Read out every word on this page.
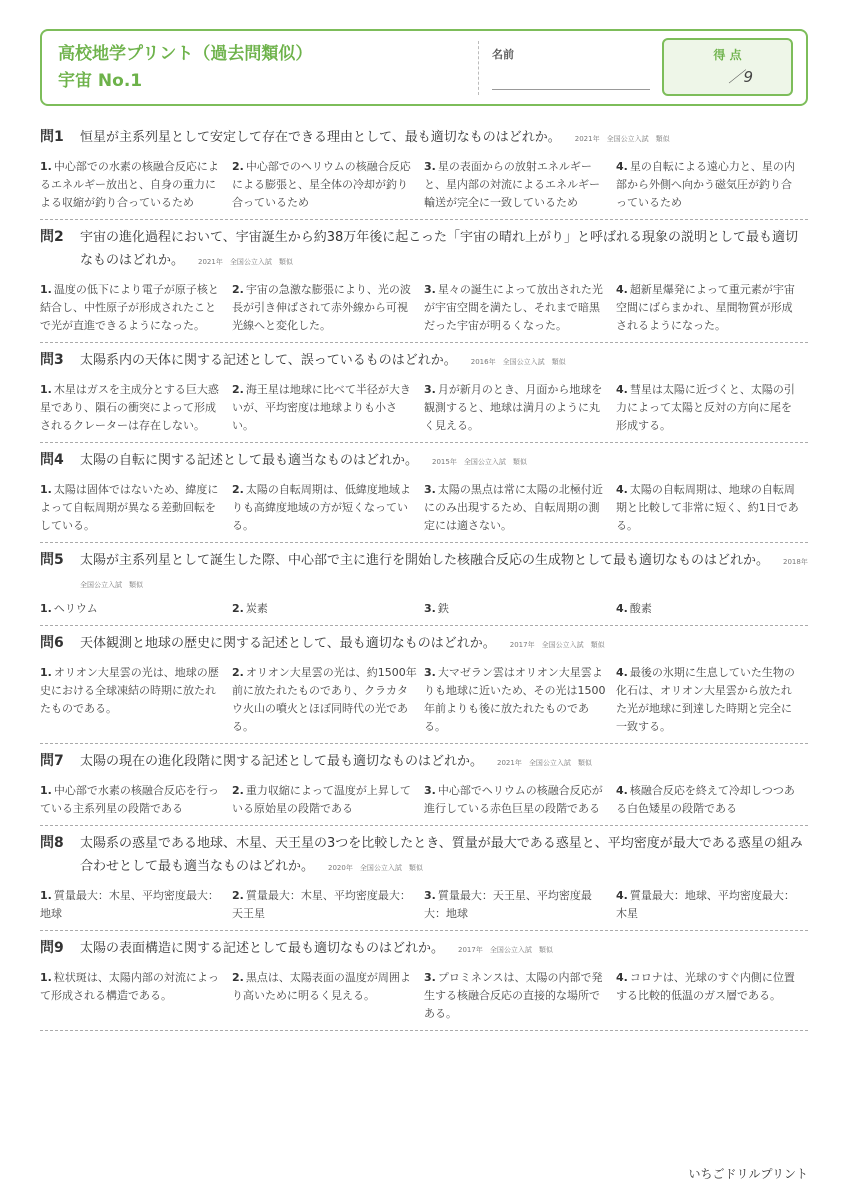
高校地学プリント（過去問類似）
宇宙 No.1
名前	得 点
／9
問1 恒星が主系列星として安定して存在できる理由として、最も適切なものはどれか。 2021年　全国公立入試　類似
1. 中心部での水素の核融合反応によるエネルギー放出と、自身の重力による収縮が釣り合っているため
2. 中心部でのヘリウムの核融合反応による膨張と、星全体の冷却が釣り合っているため
3. 星の表面からの放射エネルギーと、星内部の対流によるエネルギー輸送が完全に一致しているため
4. 星の自転による遠心力と、星の内部から外側へ向かう磁気圧が釣り合っているため
問2 宇宙の進化過程において、宇宙誕生から約38万年後に起こった「宇宙の晴れ上がり」と呼ばれる現象の説明として最も適切なものはどれか。 2021年　全国公立入試　類似
1. 温度の低下により電子が原子核と結合し、中性原子が形成されたことで光が直進できるようになった。
2. 宇宙の急激な膨張により、光の波長が引き伸ばされて赤外線から可視光線へと変化した。
3. 星々の誕生によって放出された光が宇宙空間を満たし、それまで暗黒だった宇宙が明るくなった。
4. 超新星爆発によって重元素が宇宙空間にばらまかれ、星間物質が形成されるようになった。
問3 太陽系内の天体に関する記述として、誤っているものはどれか。 2016年　全国公立入試　類似
1. 木星はガスを主成分とする巨大惑星であり、隕石の衝突によって形成されるクレーターは存在しない。
2. 海王星は地球に比べて半径が大きいが、平均密度は地球よりも小さい。
3. 月が新月のとき、月面から地球を観測すると、地球は満月のように丸く見える。
4. 彗星は太陽に近づくと、太陽の引力によって太陽と反対の方向に尾を形成する。
問4 太陽の自転に関する記述として最も適当なものはどれか。 2015年　全国公立入試　類似
1. 太陽は固体ではないため、緯度によって自転周期が異なる差動回転をしている。
2. 太陽の自転周期は、低緯度地域よりも高緯度地域の方が短くなっている。
3. 太陽の黒点は常に太陽の北極付近にのみ出現するため、自転周期の測定には適さない。
4. 太陽の自転周期は、地球の自転周期と比較して非常に短く、約1日である。
問5 太陽が主系列星として誕生した際、中心部で主に進行を開始した核融合反応の生成物として最も適切なものはどれか。 2018年　全国公立入試　類似
1. ヘリウム	2. 炭素	3. 鉄	4. 酸素
問6 天体観測と地球の歴史に関する記述として、最も適切なものはどれか。 2017年　全国公立入試　類似
1. オリオン大星雲の光は、地球の歴史における全球凍結の時期に放たれたものである。
2. オリオン大星雲の光は、約1500年前に放たれたものであり、クラカタウ火山の噴火とほぼ同時代の光である。
3. 大マゼラン雲はオリオン大星雲よりも地球に近いため、その光は1500年前よりも後に放たれたものである。
4. 最後の氷期に生息していた生物の化石は、オリオン大星雲から放たれた光が地球に到達した時期と完全に一致する。
問7 太陽の現在の進化段階に関する記述として最も適切なものはどれか。 2021年　全国公立入試　類似
1. 中心部で水素の核融合反応を行っている主系列星の段階である
2. 重力収縮によって温度が上昇している原始星の段階である
3. 中心部でヘリウムの核融合反応が進行している赤色巨星の段階である
4. 核融合反応を終えて冷却しつつある白色矮星の段階である
問8 太陽系の惑星である地球、木星、天王星の3つを比較したとき、質量が最大である惑星と、平均密度が最大である惑星の組み合わせとして最も適当なものはどれか。 2020年　全国公立入試　類似
1. 質量最大：木星、平均密度最大：地球
2. 質量最大：木星、平均密度最大：天王星
3. 質量最大：天王星、平均密度最大：地球
4. 質量最大：地球、平均密度最大：木星
問9 太陽の表面構造に関する記述として最も適切なものはどれか。 2017年　全国公立入試　類似
1. 粒状斑は、太陽内部の対流によって形成される構造である。
2. 黒点は、太陽表面の温度が周囲より高いために明るく見える。
3. プロミネンスは、太陽の内部で発生する核融合反応の直接的な場所である。
4. コロナは、光球のすぐ内側に位置する比較的低温のガス層である。
いちごドリルプリント
